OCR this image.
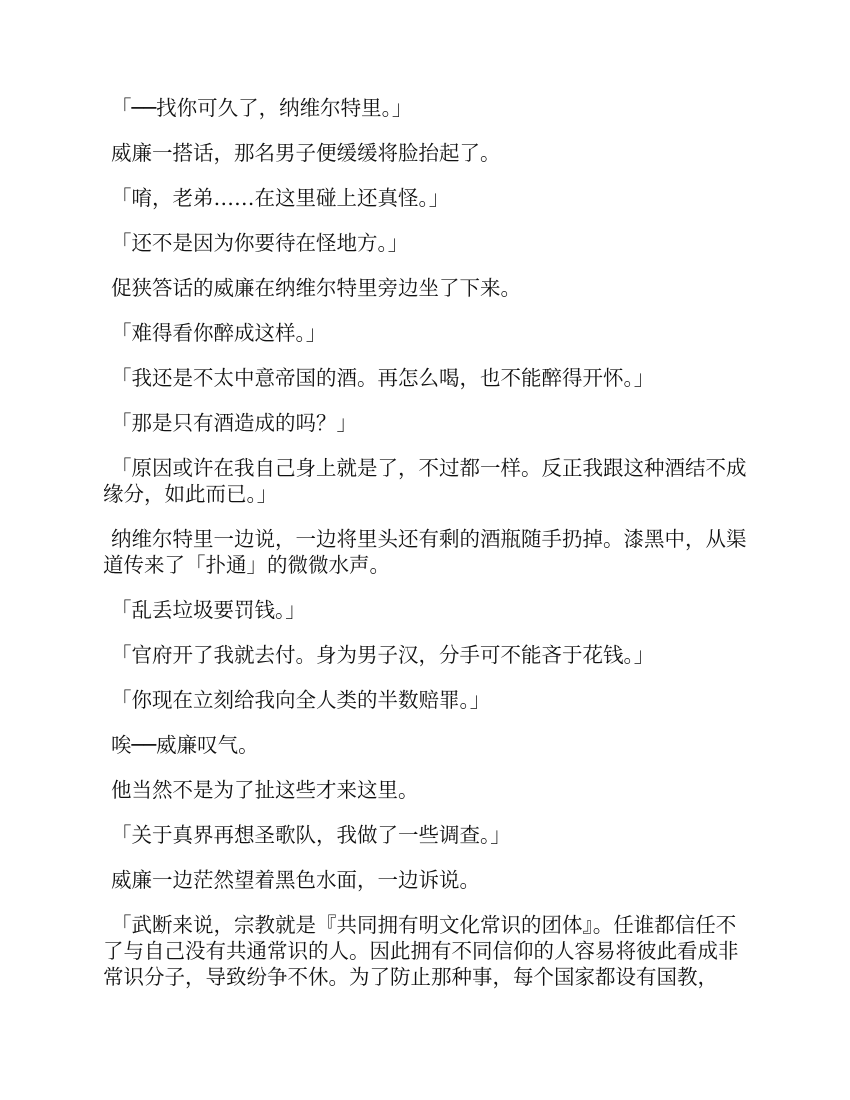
「──找你可久了，纳维尔特里。」

威廉一搭话，那名男子便缓缓将脸抬起了。

「唷，老弟……在这里碰上还真怪。」

「还不是因为你要待在怪地方。」

促狭答话的威廉在纳维尔特里旁边坐了下来。

「难得看你醉成这样。」

「我还是不太中意帝国的酒。再怎么喝，也不能醉得开怀。」

「那是只有酒造成的吗？」

「原因或许在我自己身上就是了，不过都一样。反正我跟这种酒结不成缘分，如此而已。」

纳维尔特里一边说，一边将里头还有剩的酒瓶随手扔掉。漆黑中，从渠道传来了「扑通」的微微水声。

「乱丢垃圾要罚钱。」

「官府开了我就去付。身为男子汉，分手可不能吝于花钱。」

「你现在立刻给我向全人类的半数赔罪。」

唉──威廉叹气。

他当然不是为了扯这些才来这里。

「关于真界再想圣歌队，我做了一些调查。」

威廉一边茫然望着黑色水面，一边诉说。

「武断来说，宗教就是『共同拥有明文化常识的团体』。任谁都信任不了与自己没有共通常识的人。因此拥有不同信仰的人容易将彼此看成非常识分子，导致纷争不休。为了防止那种事，每个国家都设有国教，
